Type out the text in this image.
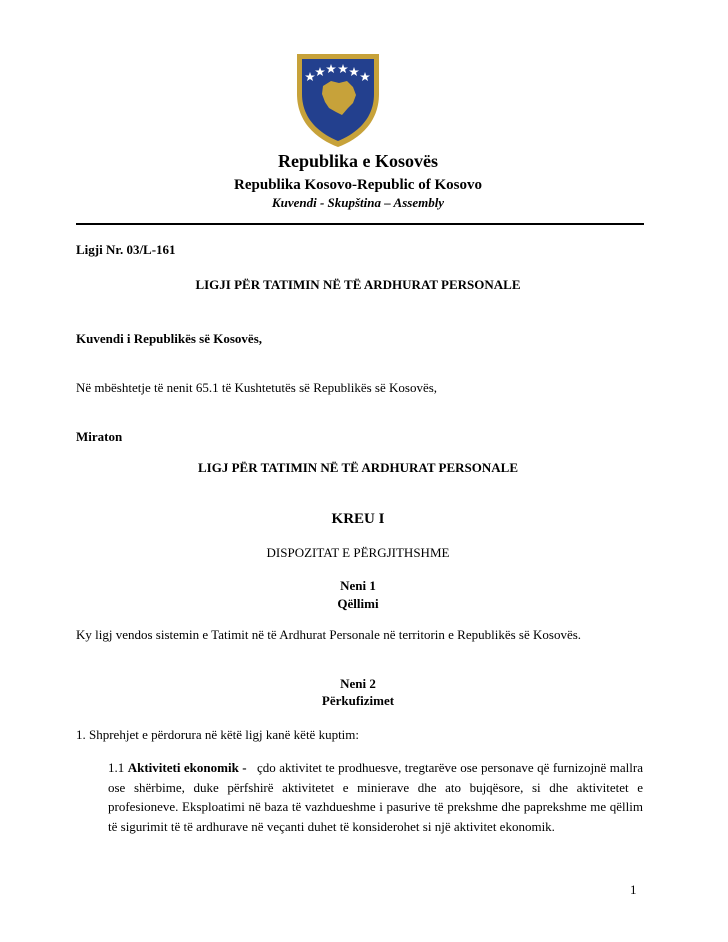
Republika e Kosovës
Republika Kosovo-Republic of Kosovo
Kuvendi - Skupština – Assembly
Ligji Nr. 03/L-161
LIGJI PËR TATIMIN NË TË ARDHURAT PERSONALE
Kuvendi i Republikës së Kosovës,
Në mbështetje të nenit 65.1 të Kushtetutës së Republikës së Kosovës,
Miraton
LIGJ PËR TATIMIN NË TË ARDHURAT PERSONALE
KREU I
DISPOZITAT E PËRGJITHSHME
Neni 1
Qëllimi
Ky ligj vendos sistemin e Tatimit në të Ardhurat Personale në territorin e Republikës së Kosovës.
Neni 2
Përkufizimet
1. Shprehjet e përdorura në këtë ligj kanë këtë kuptim:
1.1 Aktiviteti ekonomik - çdo aktivitet te prodhuesve, tregtarëve ose personave që furnizojnë mallra ose shërbime, duke përfshirë aktivitetet e minierave dhe ato bujqësore, si dhe aktivitetet e profesioneve. Eksploatimi në baza të vazhdueshme i pasurive të prekshme dhe paprekshme me qëllim të sigurimit të të ardhurave në veçanti duhet të konsiderohet si një aktivitet ekonomik.
1
